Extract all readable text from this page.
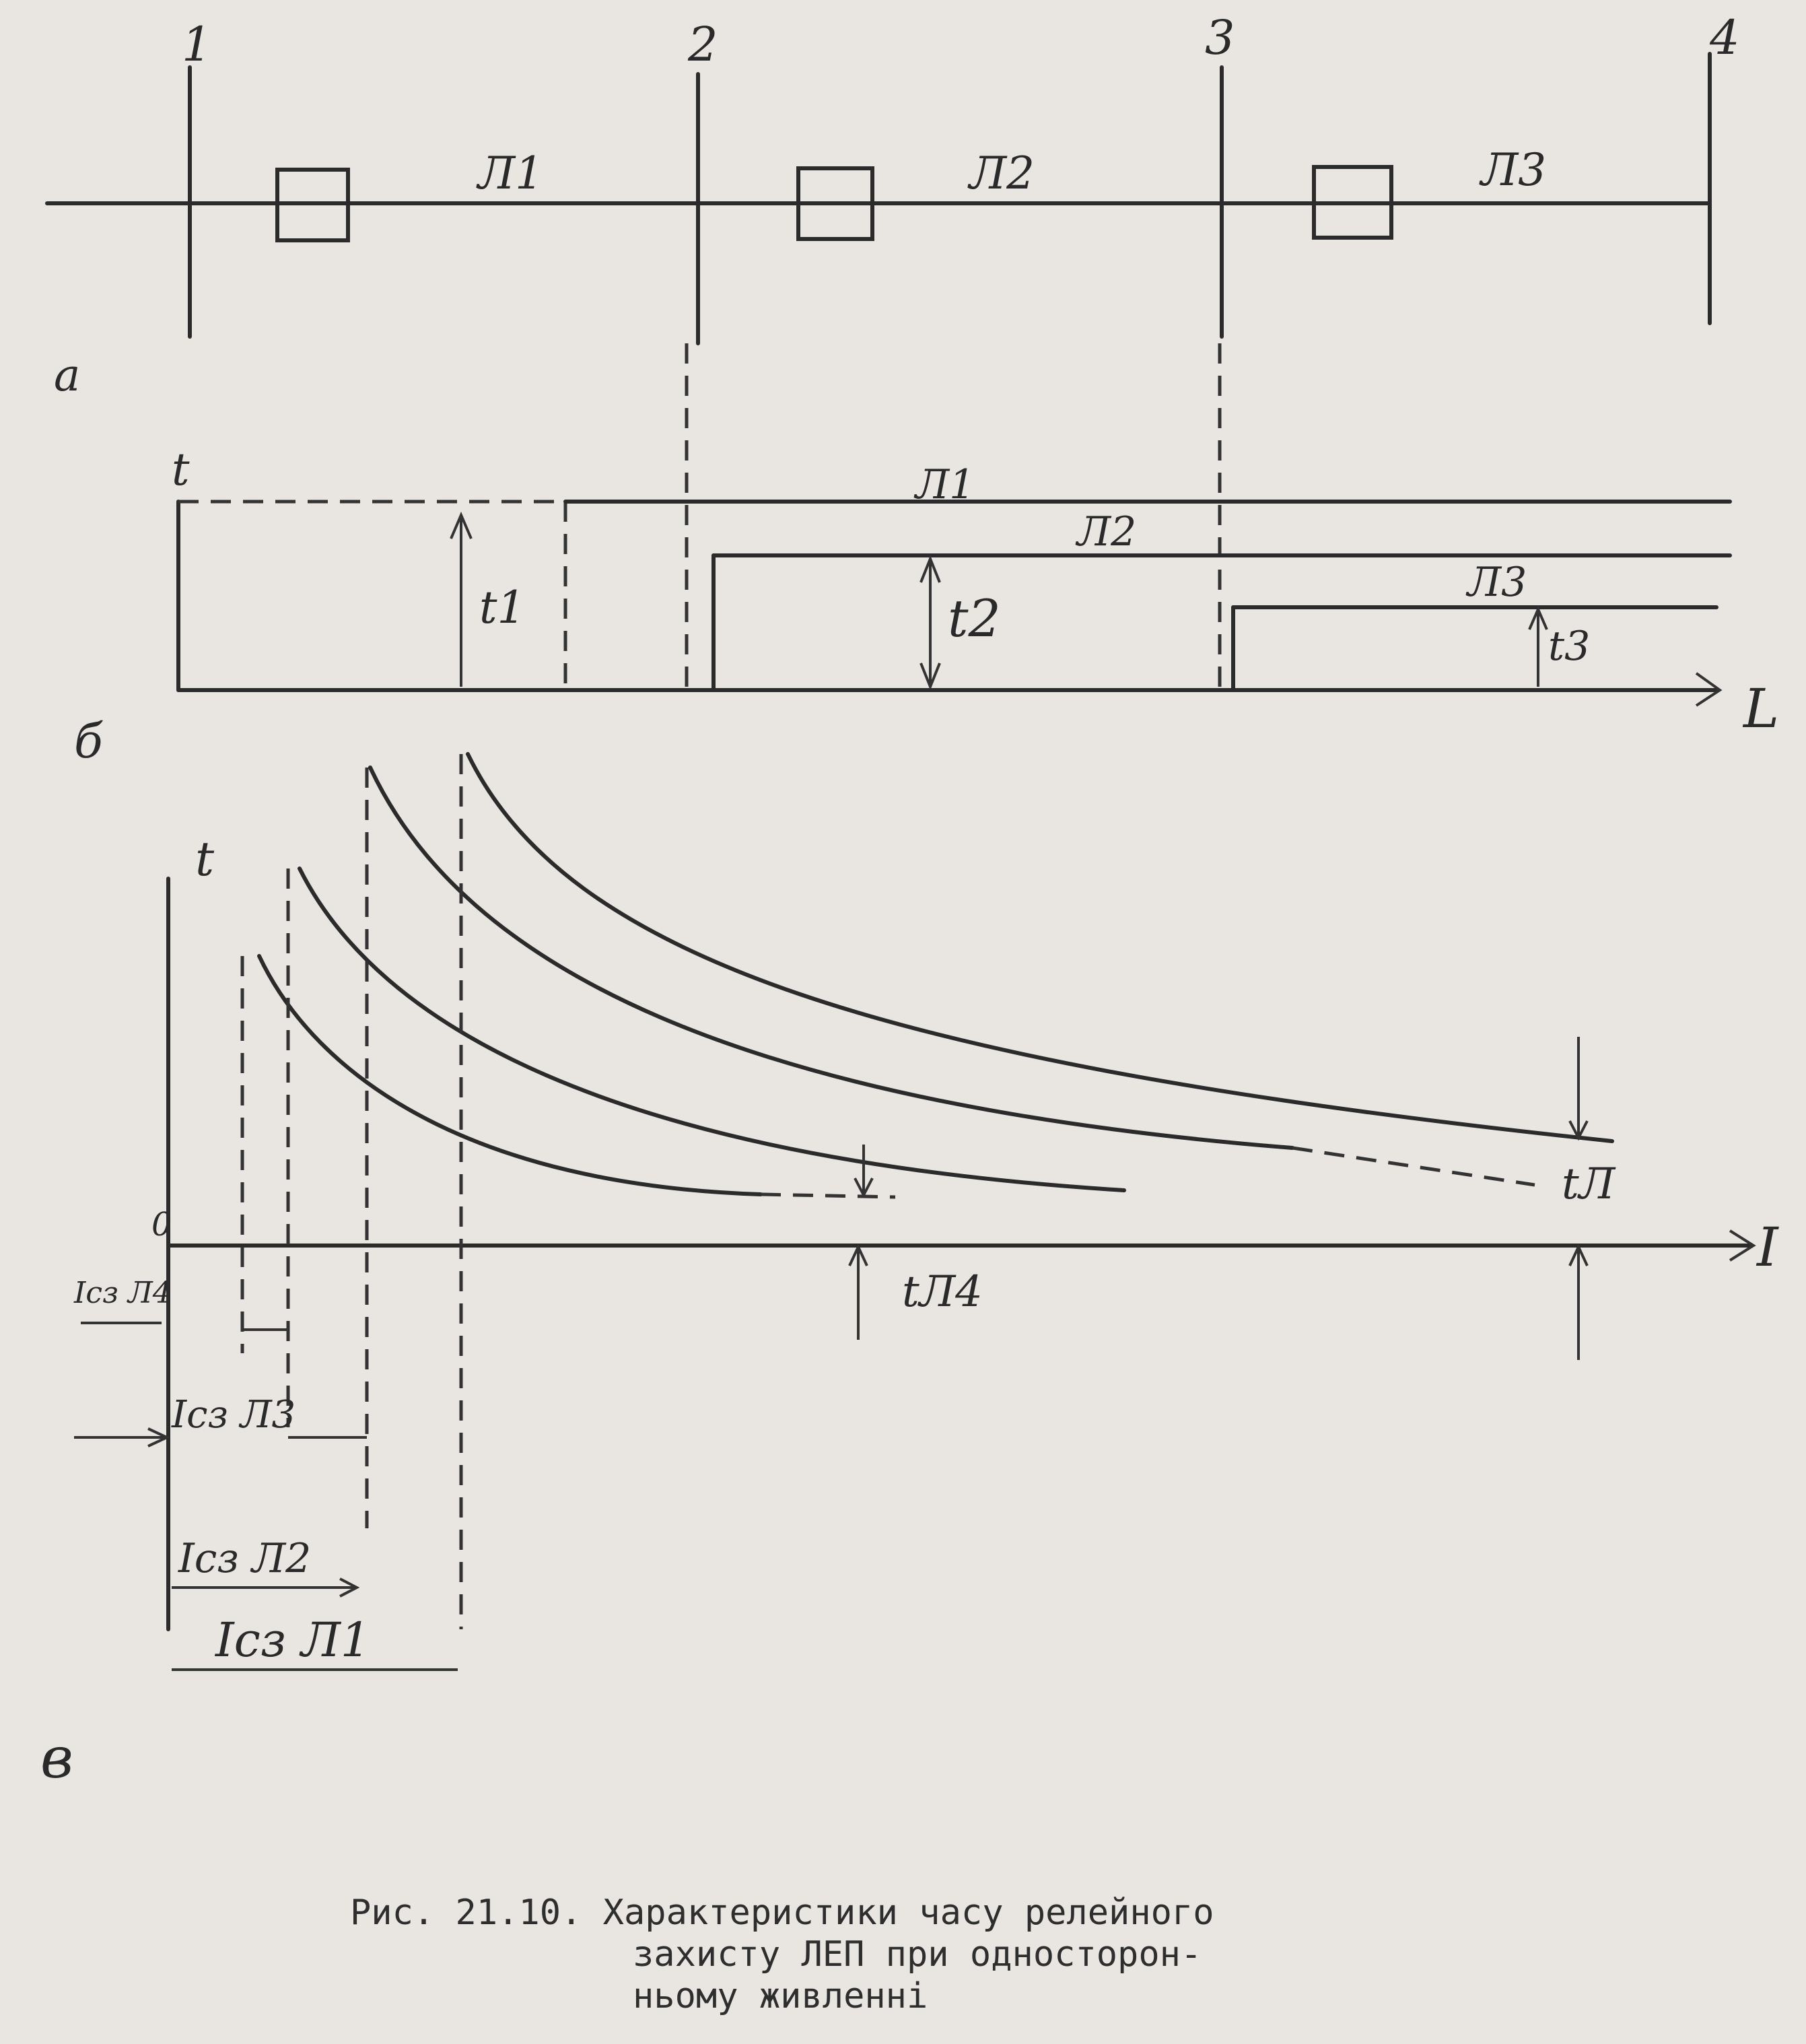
1	2	3	4
Л1	Л2	Л3
а
t
L
Л1
Л2
Л3
t1	t2	t3
б
t
I
0
tЛ
tЛ4
Iсз Л4
Iсз Л3
Iсз Л2
Iсз Л1
в
Рис. 21.10. Характеристики часу релейного
захисту ЛЕП при односторон-
ньому живленні
